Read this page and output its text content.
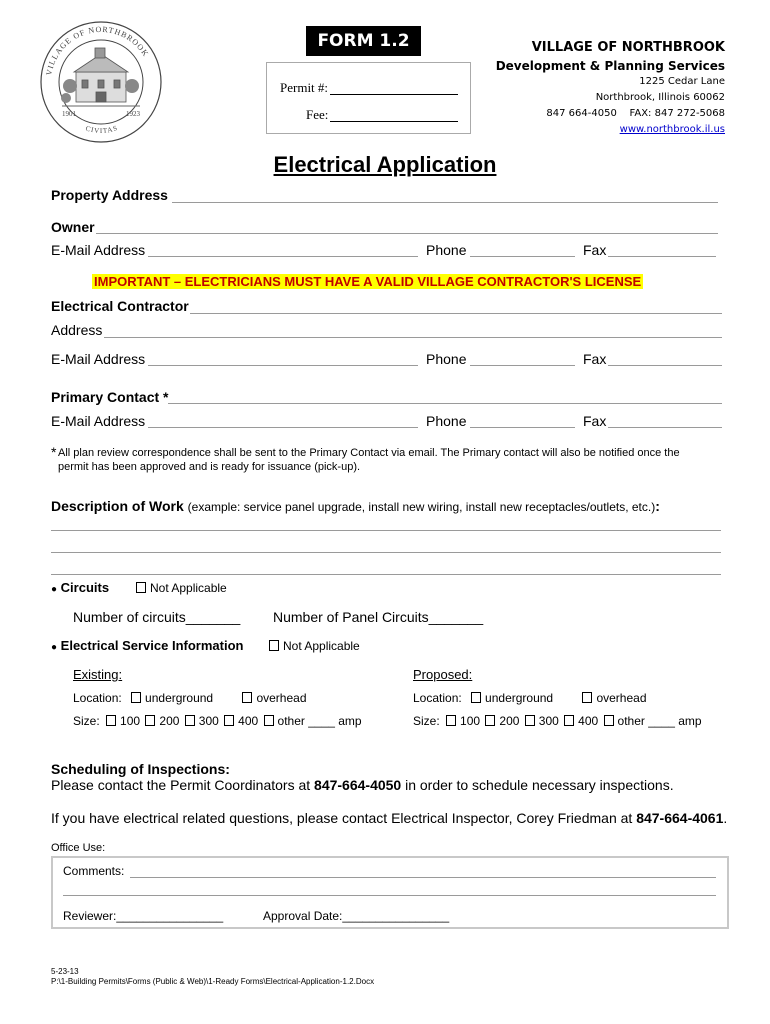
VILLAGE OF NORTHBROOK
CIVITAS
1901	1923
FORM 1.2
Permit #:
Fee:
VILLAGE OF NORTHBROOK
Development & Planning Services
1225 Cedar Lane
Northbrook, Illinois 60062
847 664-4050    FAX: 847 272-5068
www.northbrook.il.us
Electrical Application
Property Address
Owner
E-Mail Address	Phone	Fax
IMPORTANT – ELECTRICIANS MUST HAVE A VALID VILLAGE CONTRACTOR'S LICENSE
Electrical Contractor
Address
E-Mail Address	Phone	Fax
Primary Contact *
E-Mail Address	Phone	Fax
* All plan review correspondence shall be sent to the Primary Contact via email. The Primary contact will also be notified once the
permit has been approved and is ready for issuance (pick-up).
Description of Work (example: service panel upgrade, install new wiring, install new receptacles/outlets, etc.):
● Circuits	Not Applicable
Number of circuits_______ Number of Panel Circuits_______
● Electrical Service Information	Not Applicable
Existing:
Location: underground	overhead
Size: 100 200 300 400 other ____ amp
Proposed:
Location: underground	overhead
Size: 100 200 300 400 other ____ amp
Scheduling of Inspections:
Please contact the Permit Coordinators at 847-664-4050 in order to schedule necessary inspections.
If you have electrical related questions, please contact Electrical Inspector, Corey Friedman at 847-664-4061.
Office Use:
Comments:
Reviewer:________________	Approval Date:________________
5-23-13
P:\1-Building Permits\Forms (Public & Web)\1-Ready Forms\Electrical-Application-1.2.Docx
